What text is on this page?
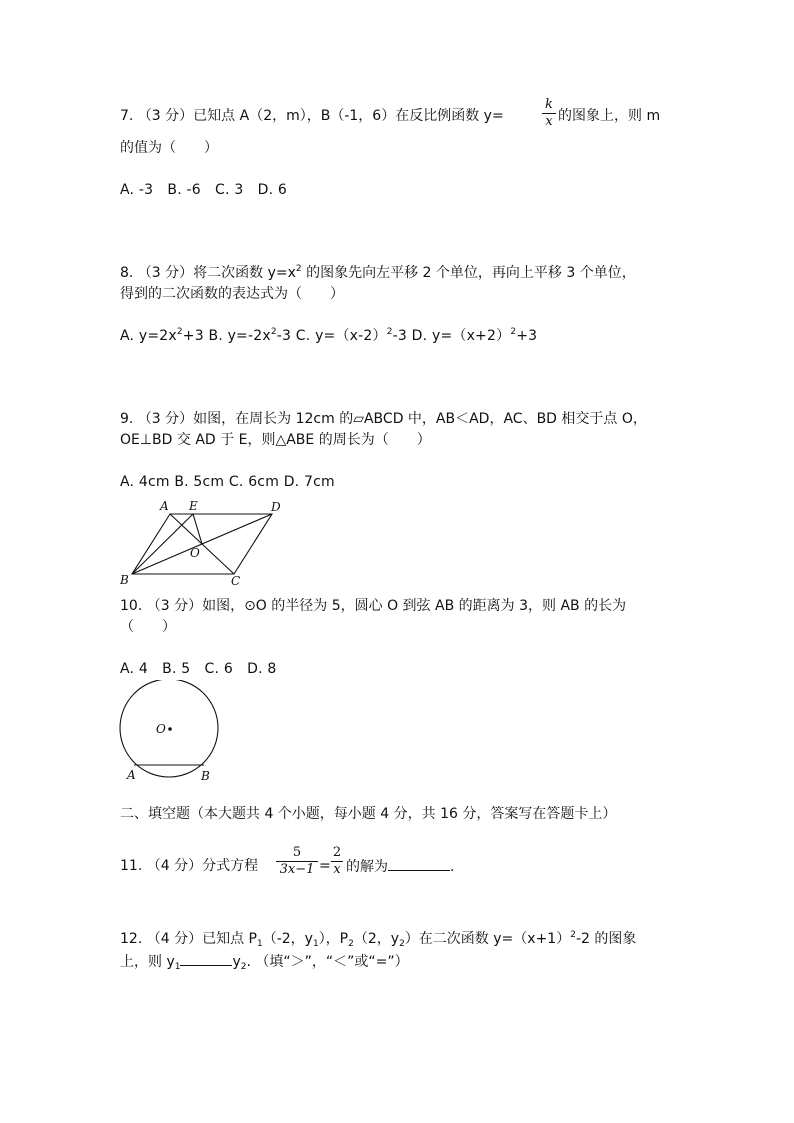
7. （3 分）已知点 A（2，m），B（-1，6）在反比例函数 y=
k
x 的图象上，则 m
的值为（　　）
A. -3　B. -6　C. 3　D. 6
8. （3 分）将二次函数 $y=x^2$ 的图象先向左平移 2 个单位，再向上平移 3 个单位，
得到的二次函数的表达式为（　　）
A. $y=2x^2+3$ B. $y=-2x^2-3$ C. $y=(x-2)^2-3$ D. $y=(x+2)^2+3$
9. （3 分）如图，在周长为 12cm 的▱ABCD 中，AB＜AD，AC、BD 相交于点 O，
OE⊥BD 交 AD 于 E，则△ABE 的周长为（　　）
A. 4cm B. 5cm C. 6cm D. 7cm
A E	D
O
B	C
10. （3 分）如图，⊙O 的半径为 5，圆心 O 到弦 AB 的距离为 3，则 AB 的长为
（　　）
A. 4　B. 5　C. 6　D. 8
O
A	B
二、填空题（本大题共 4 个小题，每小题 4 分，共 16 分，答案写在答题卡上）
11. （4 分）分式方程
5
3x−1 =
2
x 的解为	.
12. （4 分）已知点 $P_1(-2$，$y_1$），$P_2(2$，$y_2$）在二次函数 $y=(x+1)^2-2$ 的图象
上，则 $y_1$	$y_2$. （填“＞”，“＜”或“=”）
